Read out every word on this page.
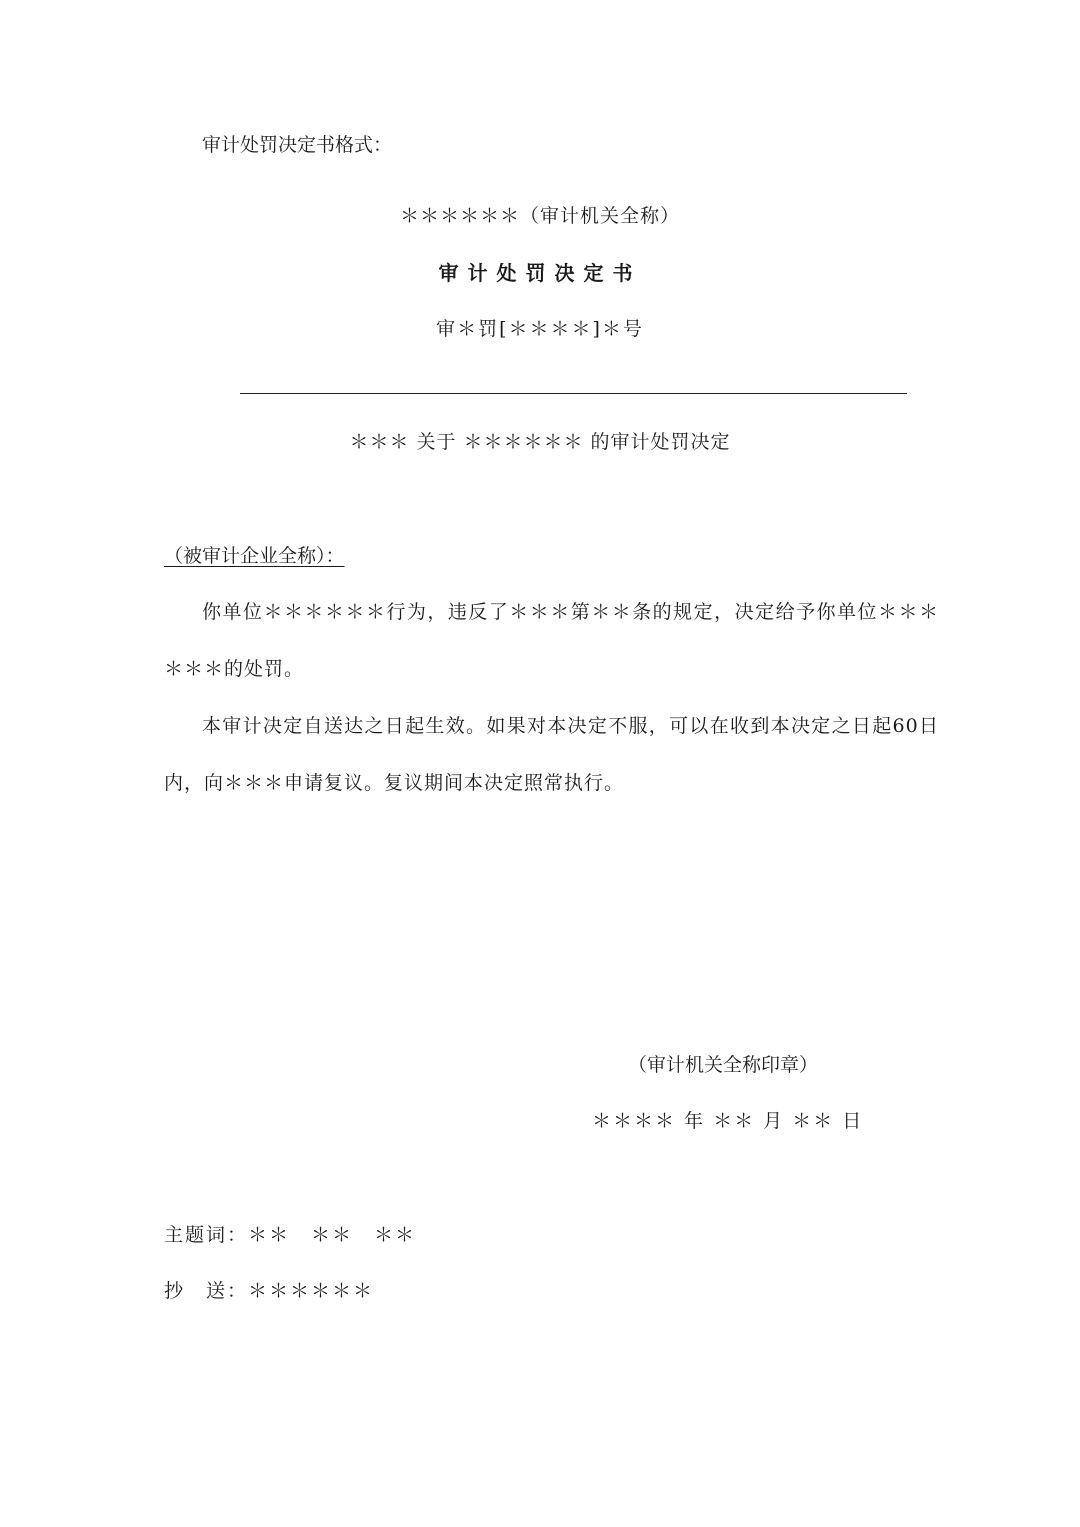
审计处罚决定书格式：
＊＊＊＊＊＊（审计机关全称）
审计处罚决定书
审＊罚[＊＊＊＊]＊号
＊＊＊ 关于 ＊＊＊＊＊＊ 的审计处罚决定
（被审计企业全称）：
你单位＊＊＊＊＊＊行为，违反了＊＊＊第＊＊条的规定，决定给予你单位＊＊＊＊＊＊的处罚。
本审计决定自送达之日起生效。如果对本决定不服，可以在收到本决定之日起60日内，向＊＊＊申请复议。复议期间本决定照常执行。
（审计机关全称印章）
＊＊＊＊ 年 ＊＊ 月 ＊＊ 日
主题词：＊＊　＊＊　＊＊
抄　送：＊＊＊＊＊＊
